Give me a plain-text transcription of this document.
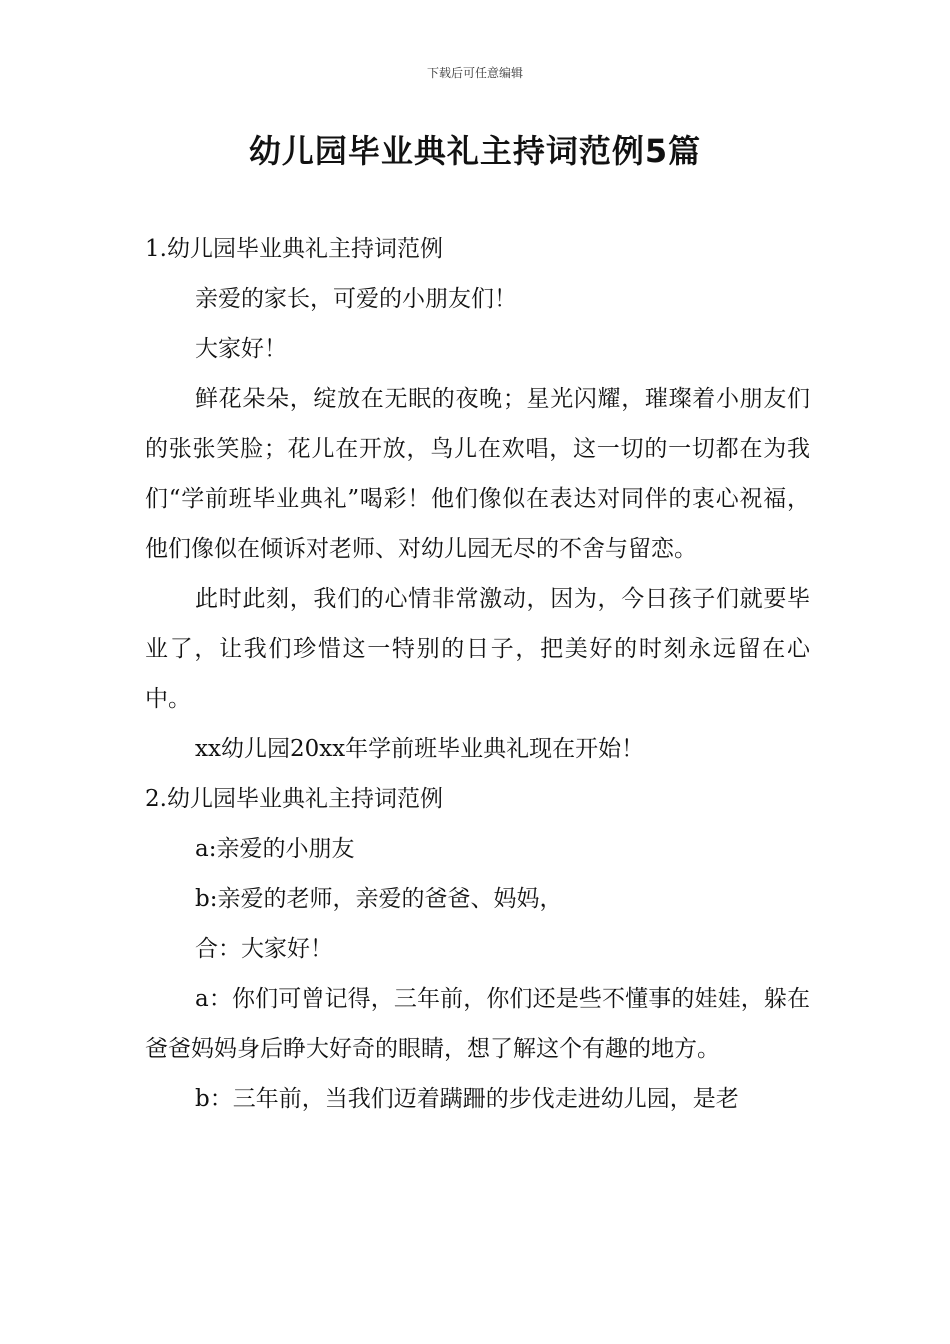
下载后可任意编辑
幼儿园毕业典礼主持词范例5篇

1.幼儿园毕业典礼主持词范例

亲爱的家长，可爱的小朋友们！

大家好！

鲜花朵朵，绽放在无眠的夜晚；星光闪耀，璀璨着小朋友们的张张笑脸；花儿在开放，鸟儿在欢唱，这一切的一切都在为我们“学前班毕业典礼”喝彩！他们像似在表达对同伴的衷心祝福，他们像似在倾诉对老师、对幼儿园无尽的不舍与留恋。

此时此刻，我们的心情非常激动，因为，今日孩子们就要毕业了，让我们珍惜这一特别的日子，把美好的时刻永远留在心中。

xx幼儿园20xx年学前班毕业典礼现在开始！

2.幼儿园毕业典礼主持词范例

a:亲爱的小朋友

b:亲爱的老师，亲爱的爸爸、妈妈，

合：大家好！

a：你们可曾记得，三年前，你们还是些不懂事的娃娃，躲在爸爸妈妈身后睁大好奇的眼睛，想了解这个有趣的地方。

b：三年前，当我们迈着蹒跚的步伐走进幼儿园，是老
